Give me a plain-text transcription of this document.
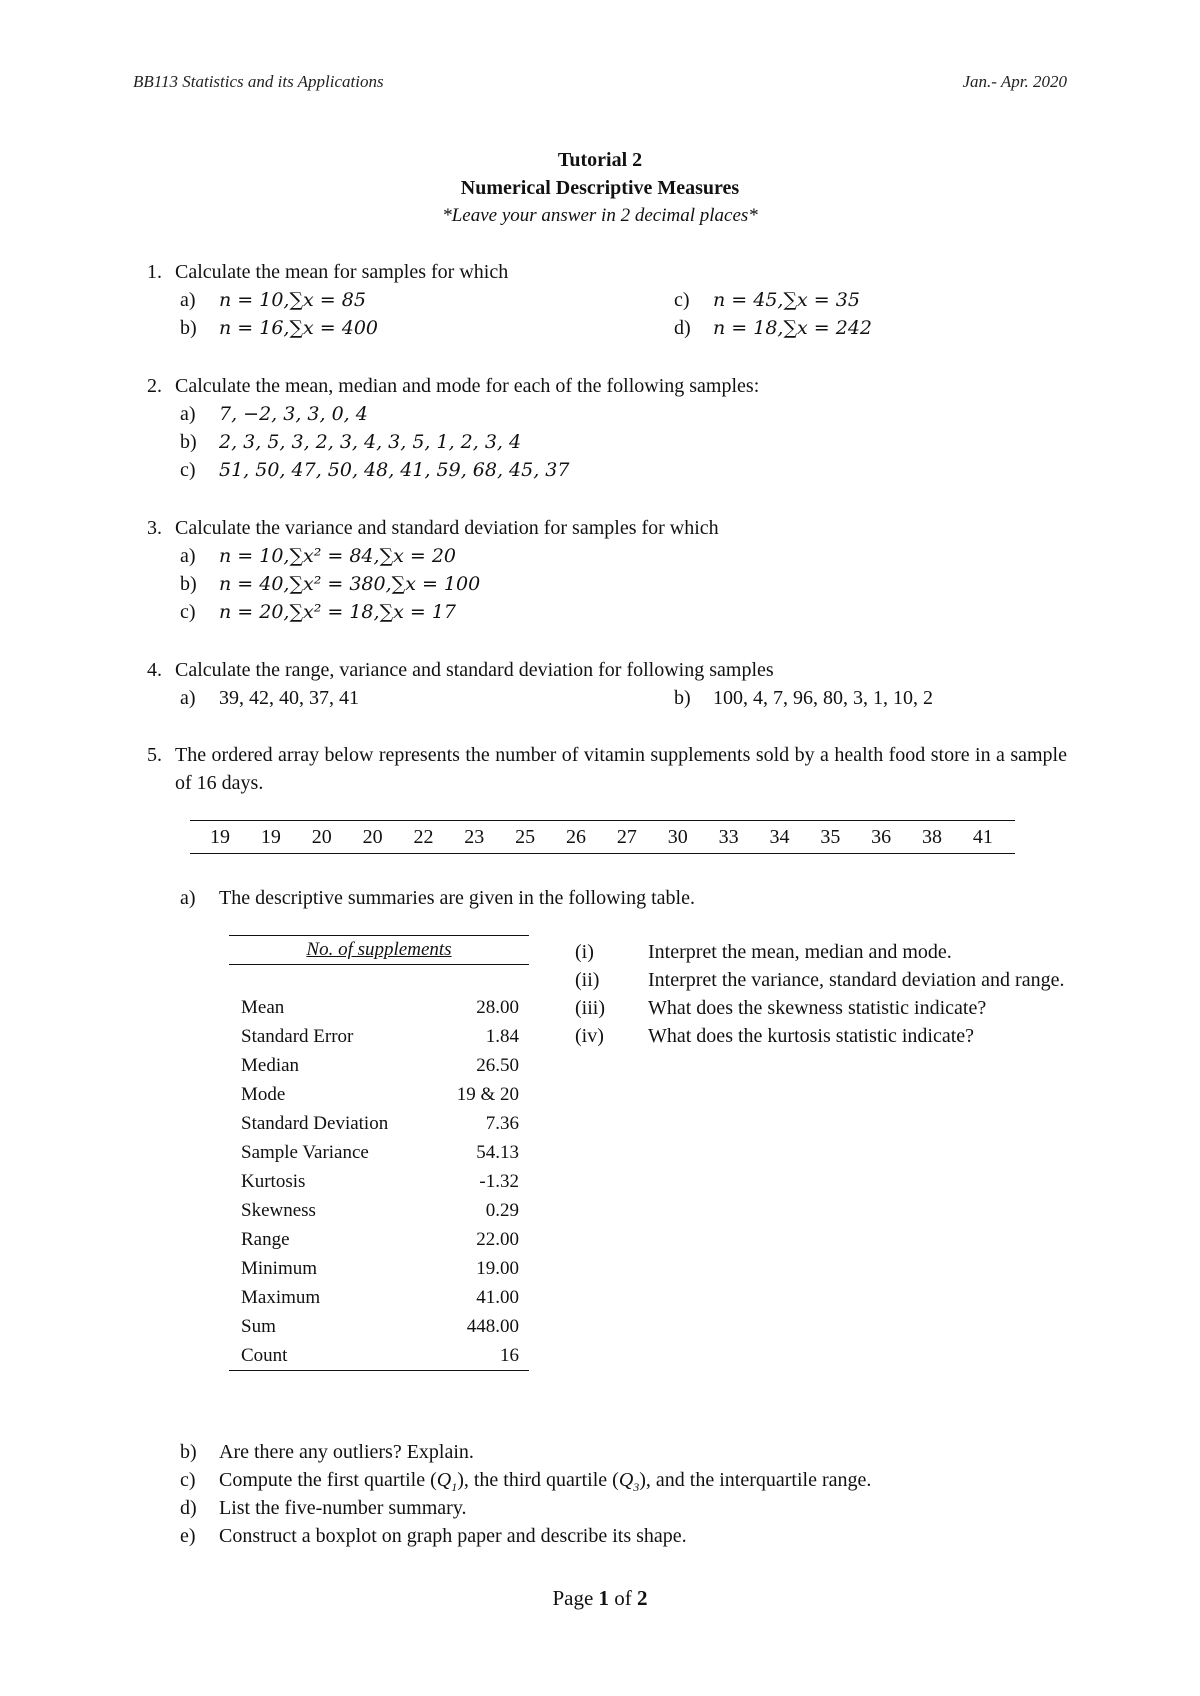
BB113 Statistics and its Applications	Jan.- Apr. 2020
Tutorial 2
Numerical Descriptive Measures
*Leave your answer in 2 decimal places*
1. Calculate the mean for samples for which
a) n = 10,∑x = 85	c) n = 45,∑x = 35
b) n = 16,∑x = 400	d) n = 18,∑x = 242
2. Calculate the mean, median and mode for each of the following samples:
a) 7, −2, 3, 3, 0, 4
b) 2, 3, 5, 3, 2, 3, 4, 3, 5, 1, 2, 3, 4
c) 51, 50, 47, 50, 48, 41, 59, 68, 45, 37
3. Calculate the variance and standard deviation for samples for which
a) n = 10,∑x² = 84,∑x = 20
b) n = 40,∑x² = 380,∑x = 100
c) n = 20,∑x² = 18,∑x = 17
4. Calculate the range, variance and standard deviation for following samples
a) 39, 42, 40, 37, 41	b) 100, 4, 7, 96, 80, 3, 1, 10, 2
5. The ordered array below represents the number of vitamin supplements sold by a health food store in a sample of 16 days.
19 19 20 20 22 23 25 26 27 30 33 34 35 36 38 41
a) The descriptive summaries are given in the following table.
No. of supplements
Mean	28.00
Standard Error	1.84
Median	26.50
Mode	19 & 20
Standard Deviation	7.36
Sample Variance	54.13
Kurtosis	-1.32
Skewness	0.29
Range	22.00
Minimum	19.00
Maximum	41.00
Sum	448.00
Count	16
(i)	Interpret the mean, median and mode.
(ii) Interpret the variance, standard deviation and range.
(iii) What does the skewness statistic indicate?
(iv) What does the kurtosis statistic indicate?
b) Are there any outliers? Explain.
c) Compute the first quartile $(Q_1)$, the third quartile $(Q_3)$, and the interquartile range.
d) List the five-number summary.
e) Construct a boxplot on graph paper and describe its shape.
Page 1 of 2
